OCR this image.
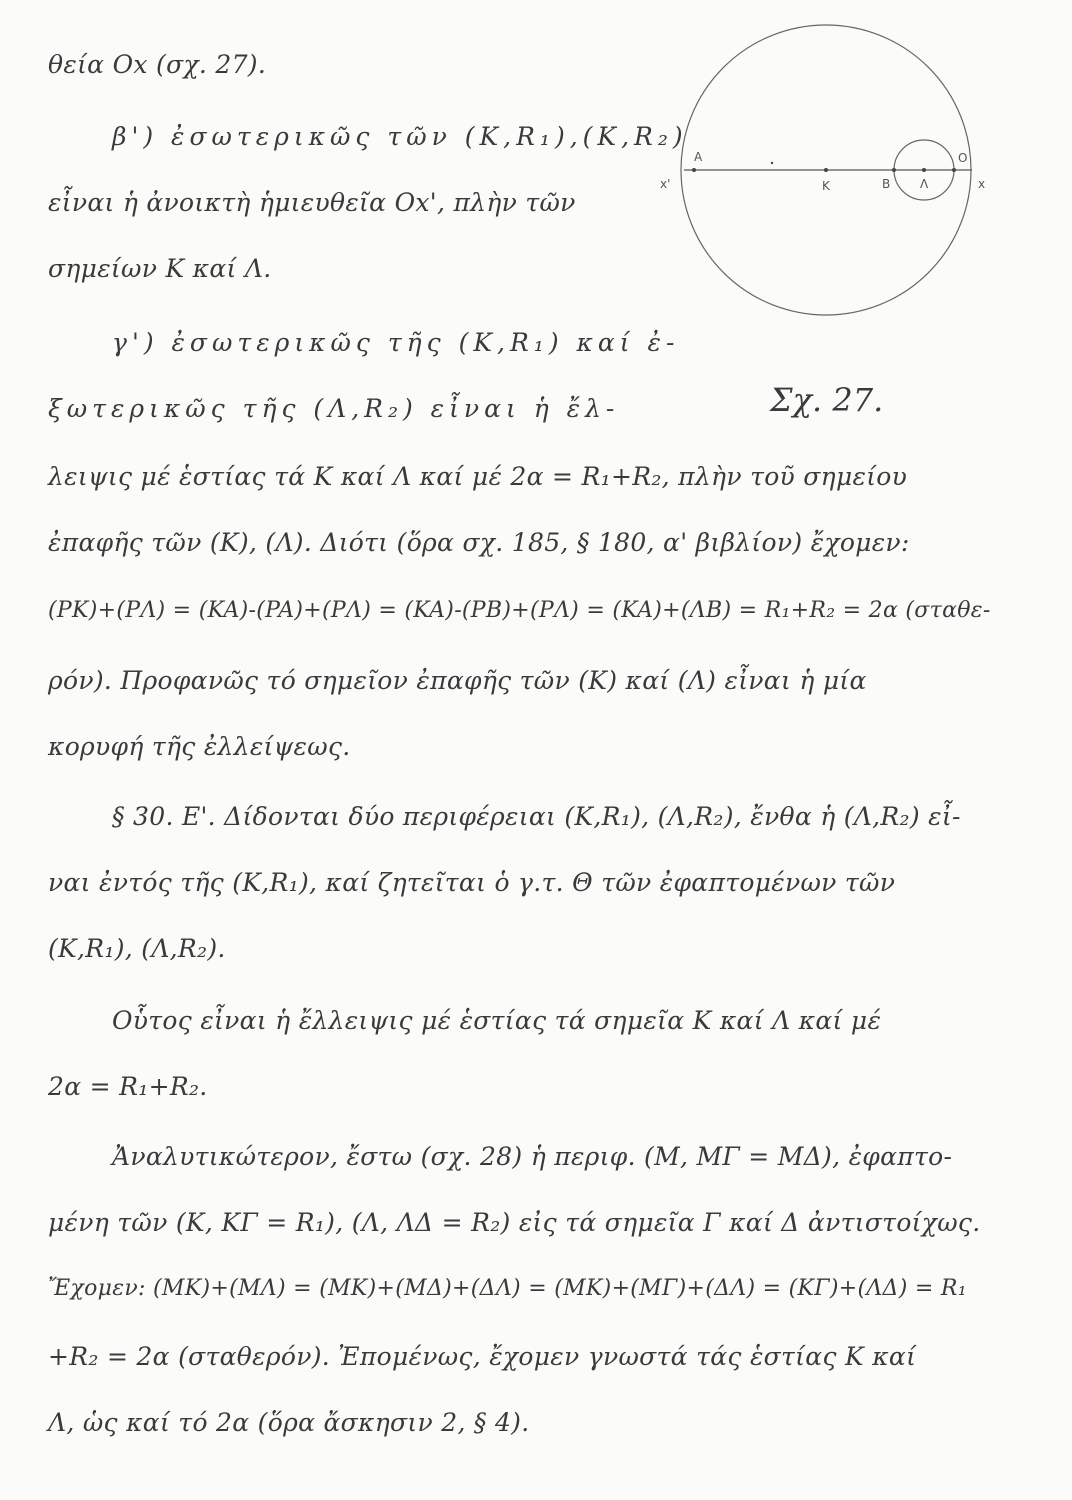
θεία Ox (σχ. 27).
β') ἐσωτερικῶς τῶν (K,R₁),(K,R₂)
εἶναι ἡ ἀνοικτὴ ἡμιευθεῖα Ox', πλὴν τῶν
σημείων K καί Λ.
γ') ἐσωτερικῶς τῆς (K,R₁) καί ἐ-
ξωτερικῶς τῆς (Λ,R₂) εἶναι ἡ ἔλ-	Σχ. 27.
λειψις μέ ἑστίας τά K καί Λ καί μέ 2α = R₁+R₂, πλὴν τοῦ σημείου
ἐπαφῆς τῶν (K), (Λ). Διότι (ὅρα σχ. 185, § 180, α' βιβλίον) ἔχομεν:
(PK)+(PΛ) = (KA)-(PA)+(PΛ) = (KA)-(PB)+(PΛ) = (KA)+(ΛB) = R₁+R₂ = 2α (σταθε-
ρόν). Προφανῶς τό σημεῖον ἐπαφῆς τῶν (K) καί (Λ) εἶναι ἡ μία
κορυφή τῆς ἐλλείψεως.
§ 30. Ε'. Δίδονται δύο περιφέρειαι (K,R₁), (Λ,R₂), ἔνθα ἡ (Λ,R₂) εἶ-
ναι ἐντός τῆς (K,R₁), καί ζητεῖται ὁ γ.τ. Θ τῶν ἐφαπτομένων τῶν
(K,R₁), (Λ,R₂).
Οὗτος εἶναι ἡ ἔλλειψις μέ ἑστίας τά σημεῖα K καί Λ καί μέ
2α = R₁+R₂.
Ἀναλυτικώτερον, ἔστω (σχ. 28) ἡ περιφ. (M, MΓ = MΔ), ἐφαπτο-
μένη τῶν (K, KΓ = R₁), (Λ, ΛΔ = R₂) εἰς τά σημεῖα Γ καί Δ ἀντιστοίχως.
Ἔχομεν: (MK)+(MΛ) = (MK)+(MΔ)+(ΔΛ) = (MK)+(MΓ)+(ΔΛ) = (KΓ)+(ΛΔ) = R₁
+R₂ = 2α (σταθερόν). Ἐπομένως, ἔχομεν γνωστά τάς ἑστίας K καί
Λ, ὡς καί τό 2α (ὅρα ἄσκησιν 2, § 4).
A
K	B Λ
O
x
x'
